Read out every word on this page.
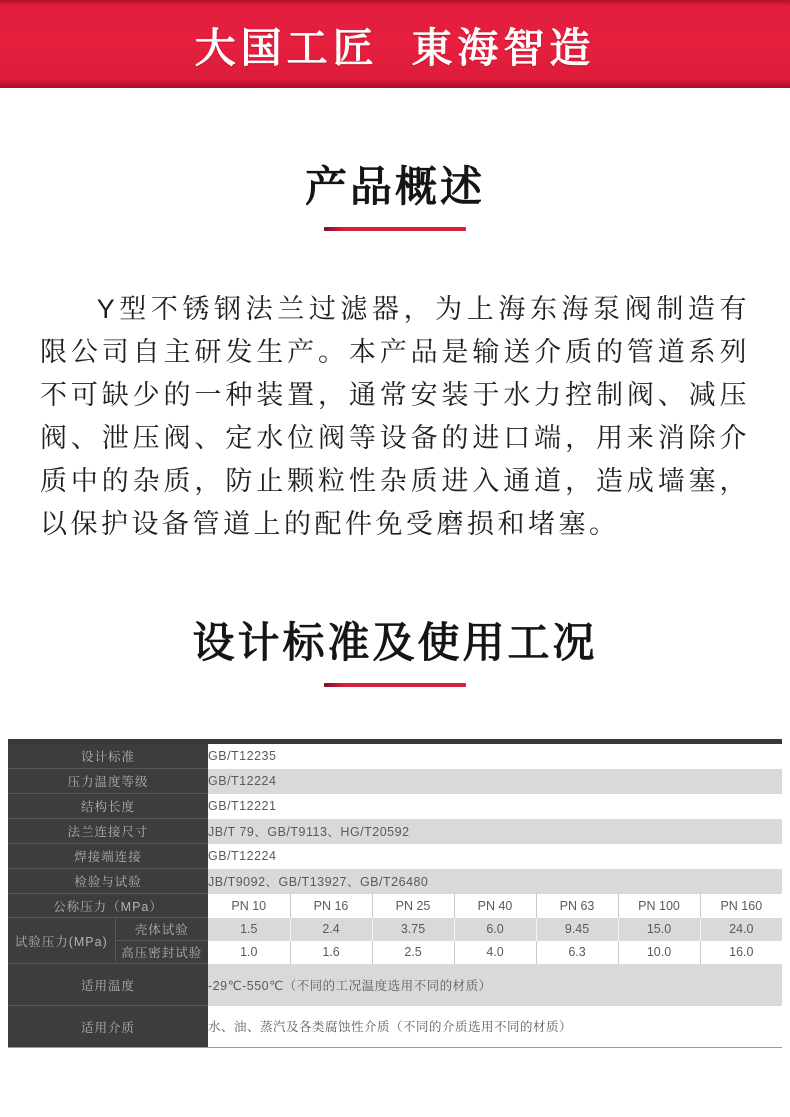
大国工匠  東海智造
产品概述

Y型不锈钢法兰过滤器，为上海东海泵阀制造有限公司自主研发生产。本产品是输送介质的管道系列不可缺少的一种装置，通常安装于水力控制阀、减压阀、泄压阀、定水位阀等设备的进口端，用来消除介质中的杂质，防止颗粒性杂质进入通道，造成墙塞，以保护设备管道上的配件免受磨损和堵塞。

设计标准及使用工况
设计标准		GB/T12235						
压力温度等级		GB/T12224						
结构长度		GB/T12221						
法兰连接尺寸		JB/T 79、GB/T9113、HG/T20592						
焊接端连接		GB/T12224						
检验与试验		JB/T9092、GB/T13927、GB/T26480						
公称压力（MPa）		PN 10	PN 16	PN 25	PN 40	PN 63	PN 100	PN 160
试验压力(MPa)	壳体试验	1.5	2.4	3.75	6.0	9.45	15.0	24.0
	高压密封试验	1.0	1.6	2.5	4.0	6.3	10.0	16.0
适用温度		-29℃-550℃（不同的工况温度选用不同的材质）						
适用介质		水、油、蒸汽及各类腐蚀性介质（不同的介质选用不同的材质）						
